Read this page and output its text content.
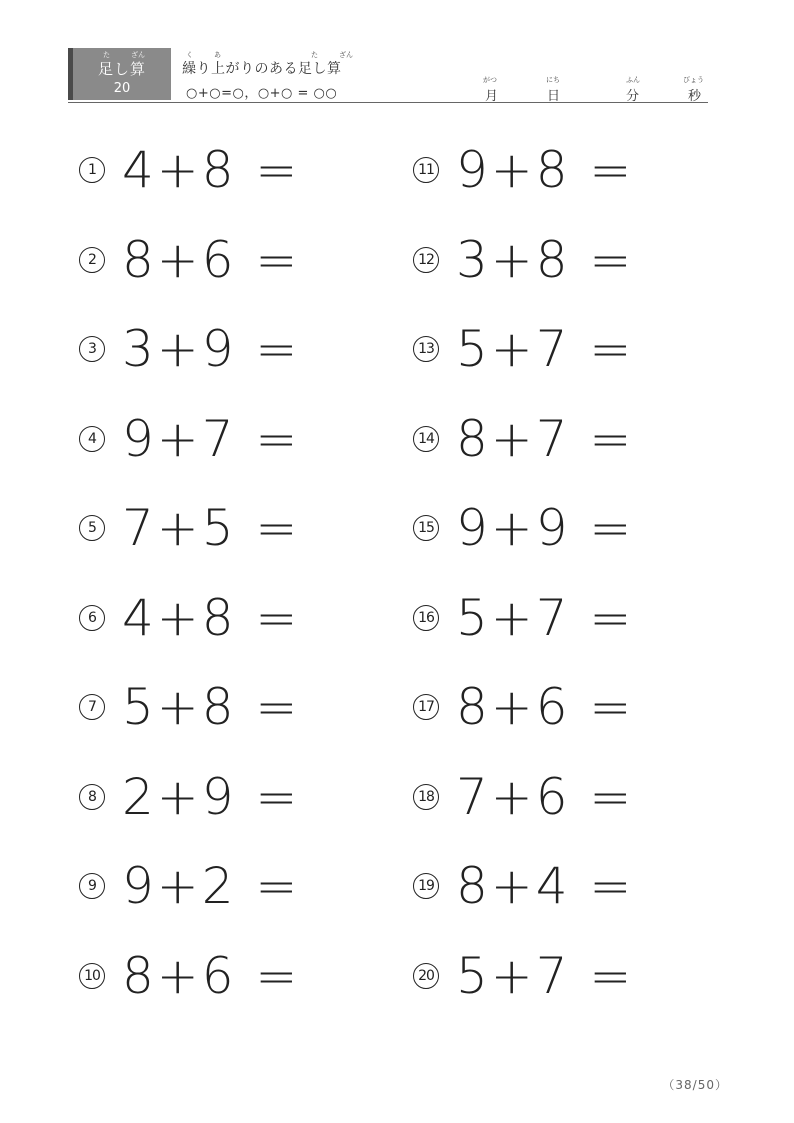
た	ざん
足し算
20
く	あ	た	ざん
繰り上がりのある足し算
○+○=○，○+○ = ○○
がつ
月
にち
日
ふん
分
びょう
秒
1 4+8 =
2 8+6 =
3 3+9 =
4 9+7 =
5 7+5 =
6 4+8 =
7 5+8 =
8 2+9 =
9 9+2 =
10 8+6 =
11 9+8 =
12 3+8 =
13 5+7 =
14 8+7 =
15 9+9 =
16 5+7 =
17 8+6 =
18 7+6 =
19 8+4 =
20 5+7 =
（38/50）
